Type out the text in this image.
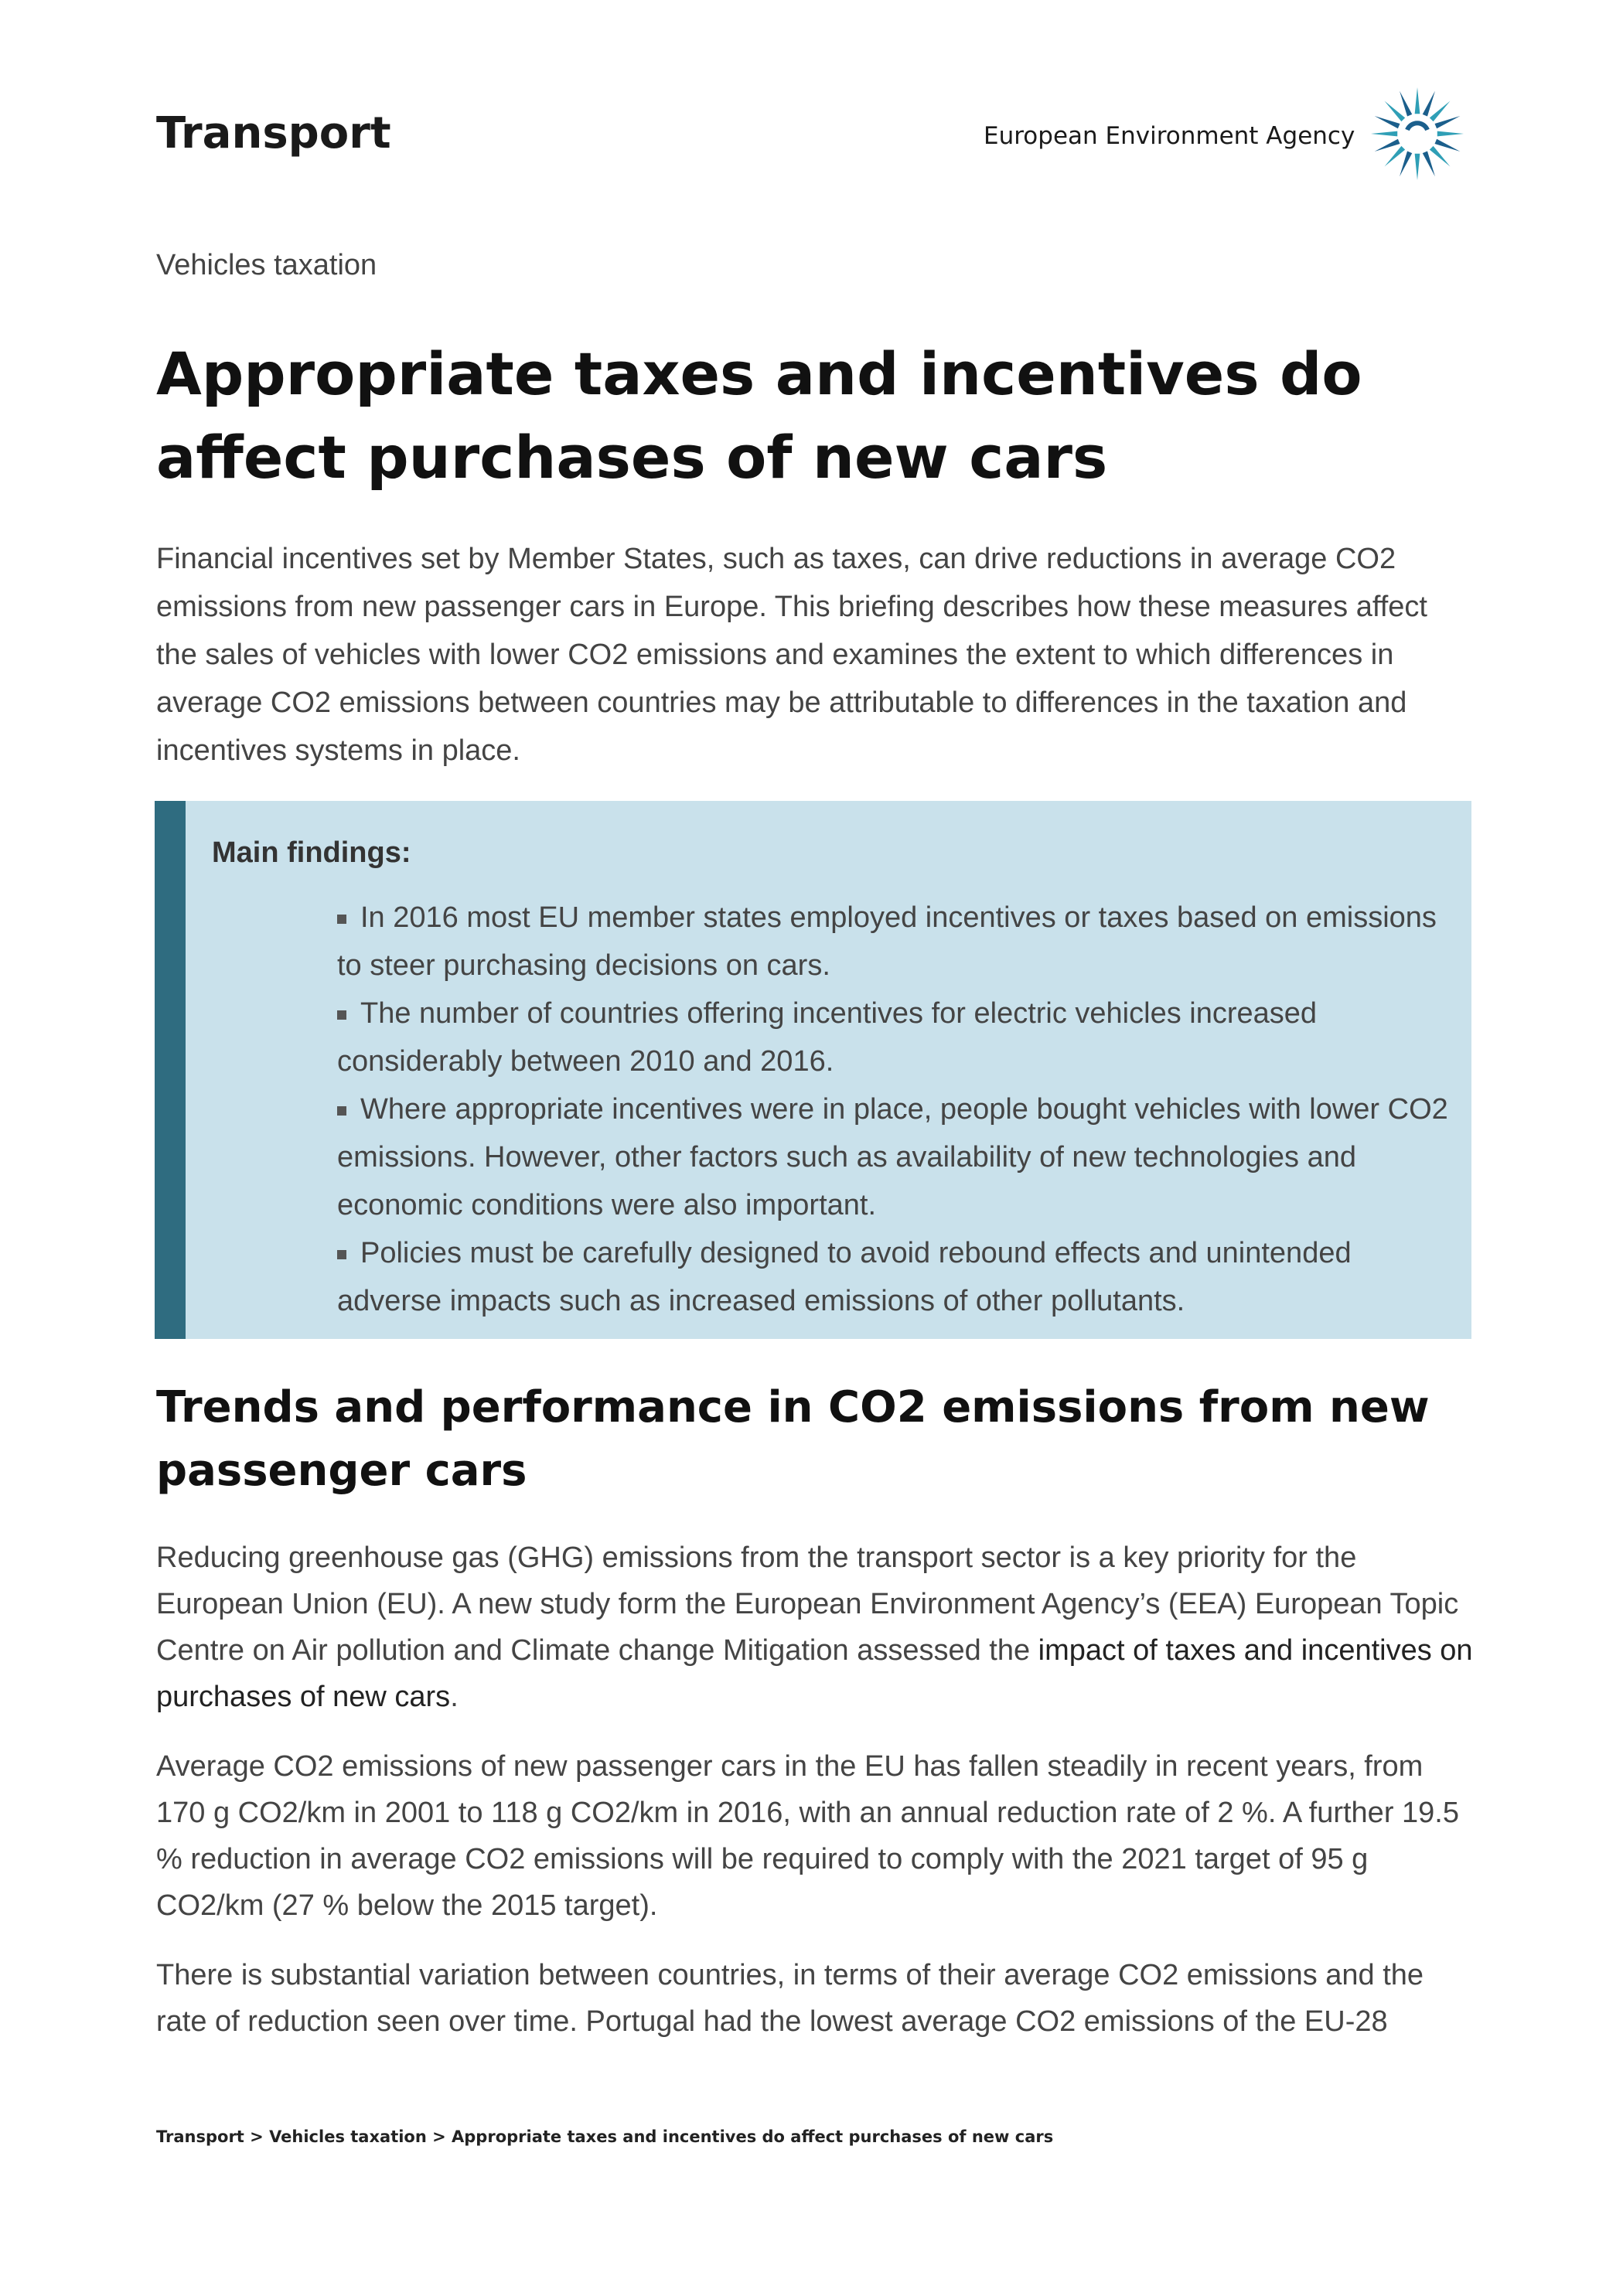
Transport	European Environment Agency
Vehicles taxation
Appropriate taxes and incentives do affect purchases of new cars

Financial incentives set by Member States, such as taxes, can drive reductions in average CO2 emissions from new passenger cars in Europe. This briefing describes how these measures affect the sales of vehicles with lower CO2 emissions and examines the extent to which differences in average CO2 emissions between countries may be attributable to differences in the taxation and incentives systems in place.

Main findings:
In 2016 most EU member states employed incentives or taxes based on emissions to steer purchasing decisions on cars.
The number of countries offering incentives for electric vehicles increased considerably between 2010 and 2016.
Where appropriate incentives were in place, people bought vehicles with lower CO2 emissions. However, other factors such as availability of new technologies and economic conditions were also important.
Policies must be carefully designed to avoid rebound effects and unintended adverse impacts such as increased emissions of other pollutants.
Trends and performance in CO2 emissions from new passenger cars

Reducing greenhouse gas (GHG) emissions from the transport sector is a key priority for the European Union (EU). A new study form the European Environment Agency’s (EEA) European Topic Centre on Air pollution and Climate change Mitigation assessed the impact of taxes and incentives on purchases of new cars.

Average CO2 emissions of new passenger cars in the EU has fallen steadily in recent years, from 170 g CO2/km in 2001 to 118 g CO2/km in 2016, with an annual reduction rate of 2 %. A further 19.5 % reduction in average CO2 emissions will be required to comply with the 2021 target of 95 g CO2/km (27 % below the 2015 target).

There is substantial variation between countries, in terms of their average CO2 emissions and the rate of reduction seen over time. Portugal had the lowest average CO2 emissions of the EU-28

Transport > Vehicles taxation > Appropriate taxes and incentives do affect purchases of new cars
